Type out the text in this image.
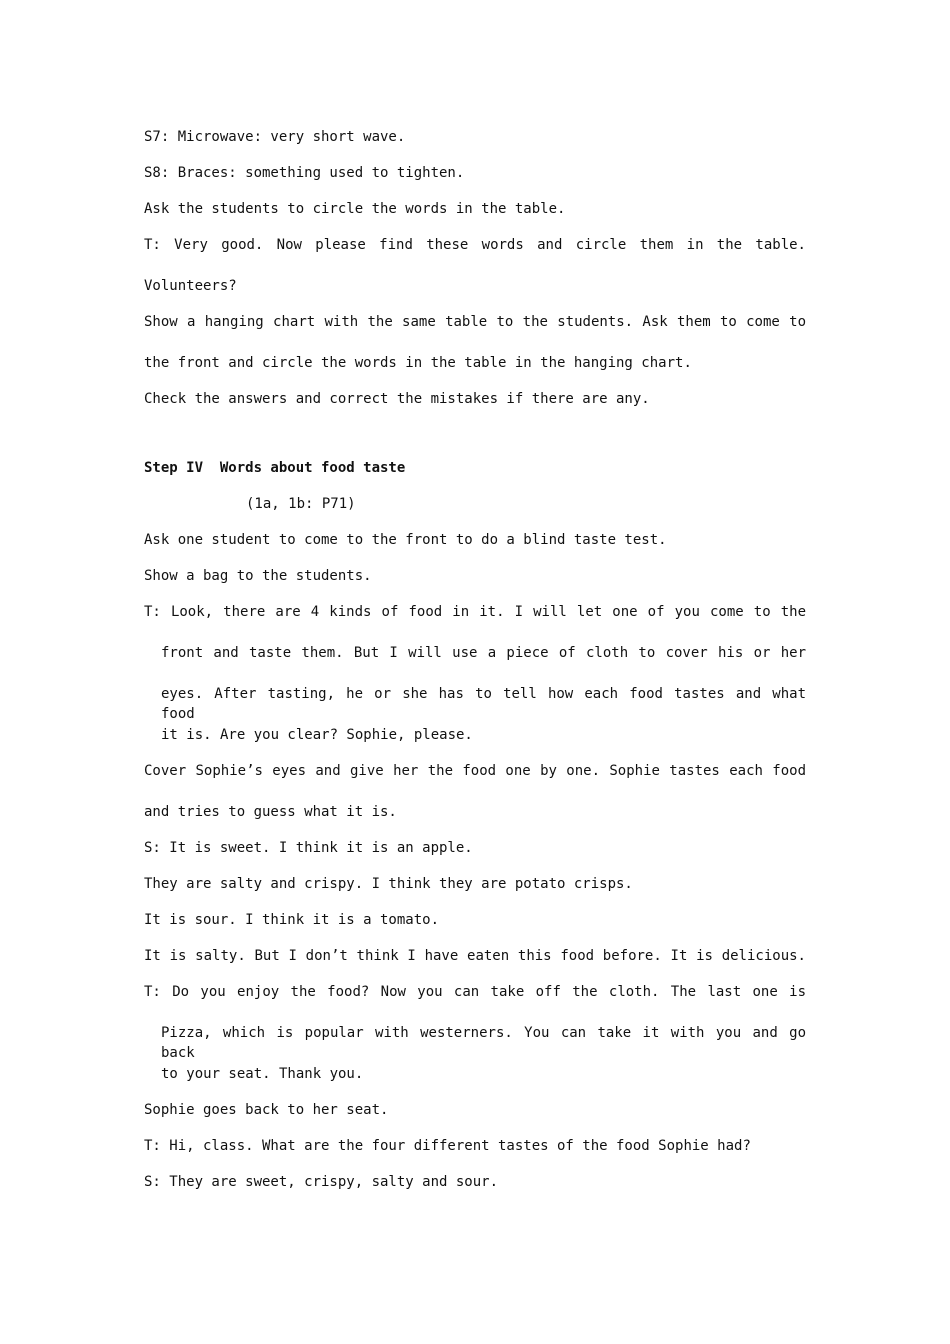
S7: Microwave: very short wave.
S8: Braces: something used to tighten.
Ask the students to circle the words in the table.
T: Very good. Now please find these words and circle them in the table.
Volunteers?
Show a hanging chart with the same table to the students. Ask them to come to
the front and circle the words in the table in the hanging chart.
Check the answers and correct the mistakes if there are any.
Step IV  Words about food taste
(1a, 1b: P71)
Ask one student to come to the front to do a blind taste test.
Show a bag to the students.
T: Look, there are 4 kinds of food in it. I will let one of you come to the
front and taste them. But I will use a piece of cloth to cover his or her
eyes. After tasting, he or she has to tell how each food tastes and what food
it is. Are you clear? Sophie, please.
Cover Sophie’s eyes and give her the food one by one. Sophie tastes each food
and tries to guess what it is.
S: It is sweet. I think it is an apple.
They are salty and crispy. I think they are potato crisps.
It is sour. I think it is a tomato.
It is salty. But I don’t think I have eaten this food before. It is delicious.
T: Do you enjoy the food? Now you can take off the cloth. The last one is
Pizza, which is popular with westerners. You can take it with you and go back
to your seat. Thank you.
Sophie goes back to her seat.
T: Hi, class. What are the four different tastes of the food Sophie had?
S: They are sweet, crispy, salty and sour.
